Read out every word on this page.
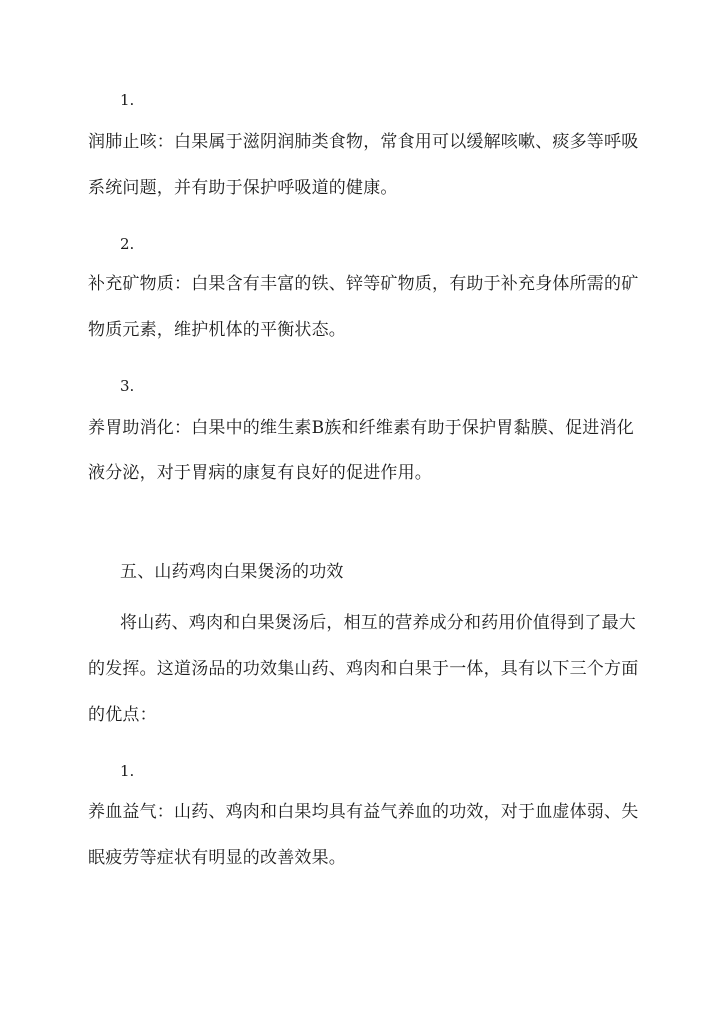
1.
润肺止咳：白果属于滋阴润肺类食物，常食用可以缓解咳嗽、痰多等呼吸
系统问题，并有助于保护呼吸道的健康。
2.
补充矿物质：白果含有丰富的铁、锌等矿物质，有助于补充身体所需的矿
物质元素，维护机体的平衡状态。
3.
养胃助消化：白果中的维生素B族和纤维素有助于保护胃黏膜、促进消化
液分泌，对于胃病的康复有良好的促进作用。
五、山药鸡肉白果煲汤的功效
将山药、鸡肉和白果煲汤后，相互的营养成分和药用价值得到了最大
的发挥。这道汤品的功效集山药、鸡肉和白果于一体，具有以下三个方面
的优点：
1.
养血益气：山药、鸡肉和白果均具有益气养血的功效，对于血虚体弱、失
眠疲劳等症状有明显的改善效果。
